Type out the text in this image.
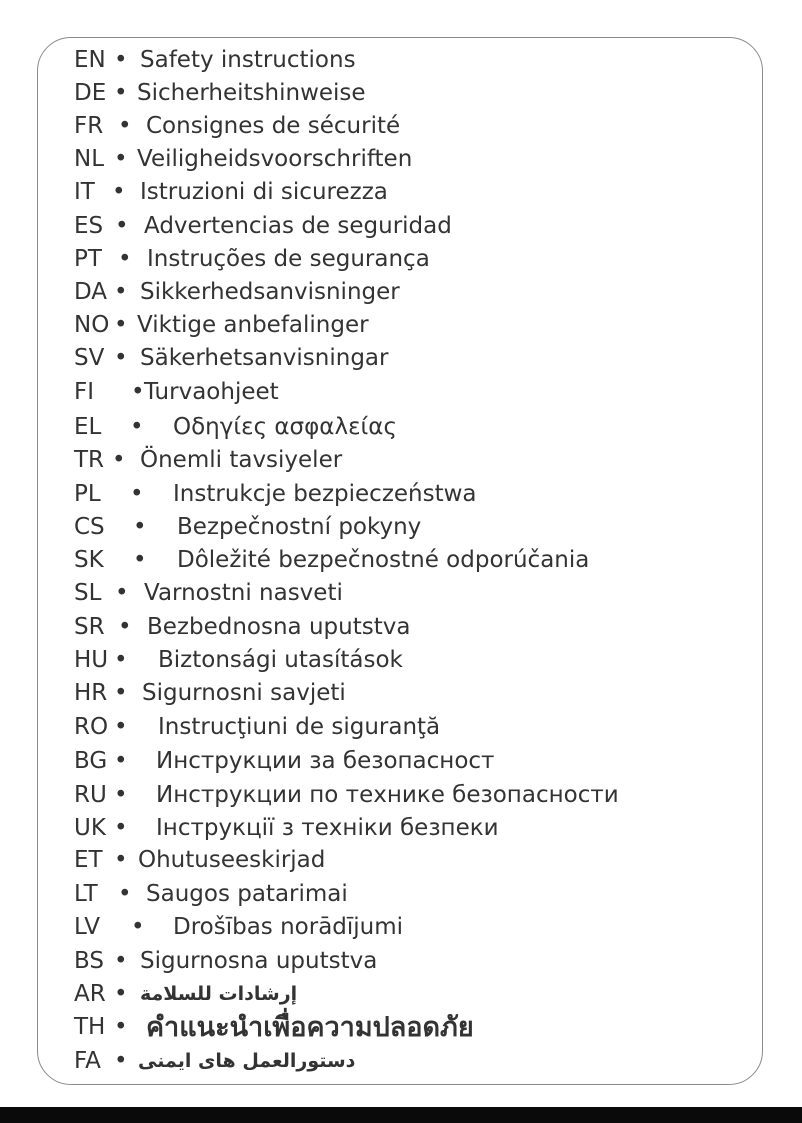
EN • Safety instructions
DE • Sicherheitshinweise
FR • Consignes de sécurité
NL • Veiligheidsvoorschriften
IT • Istruzioni di sicurezza
ES • Advertencias de seguridad
PT • Instruções de segurança
DA • Sikkerhedsanvisninger
NO • Viktige anbefalinger
SV • Säkerhetsanvisningar
FI • Turvaohjeet
EL • Οδηγίες ασφαλείας
TR • Önemli tavsiyeler
PL • Instrukcje bezpieczeństwa
CS • Bezpečnostní pokyny
SK • Dôležité bezpečnostné odporúčania
SL • Varnostni nasveti
SR • Bezbednosna uputstva
HU • Biztonsági utasítások
HR • Sigurnosni savjeti
RO • Instrucţiuni de siguranţă
BG • Инструкции за безопасност
RU • Инструкции по технике безопасности
UK • Інструкції з техніки безпеки
ET • Ohutuseeskirjad
LT • Saugos patarimai
LV • Drošības norādījumi
BS • Sigurnosna uputstva
AR • إرشادات للسلامة
TH • คำแนะนำเพื่อความปลอดภัย
FA • دستورالعمل های ایمنی
